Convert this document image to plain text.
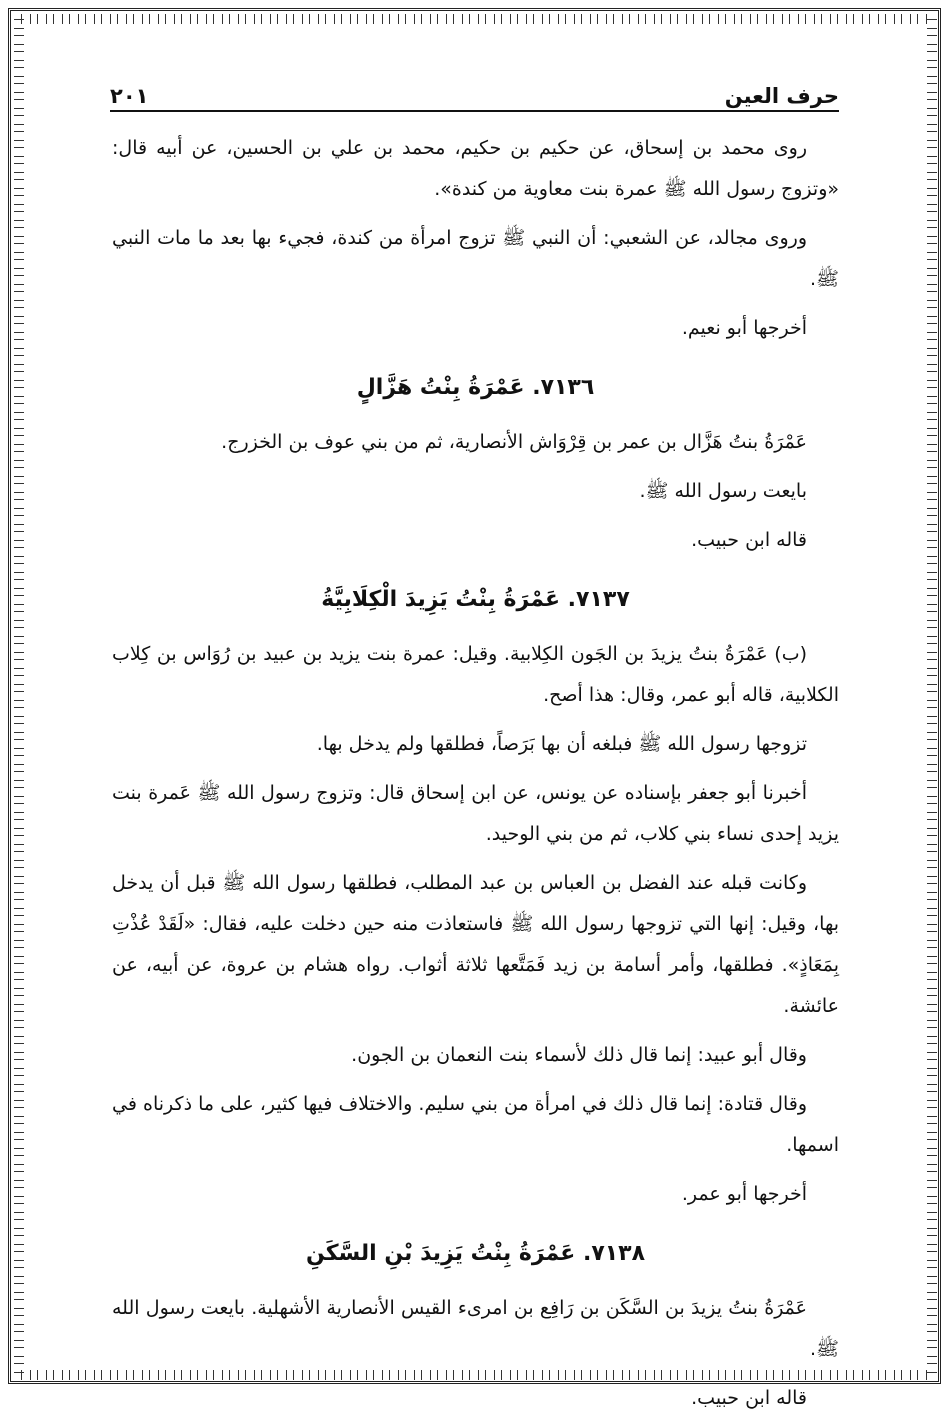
حرف العين
٢٠١

روى محمد بن إسحاق، عن حكيم بن حكيم، محمد بن علي بن الحسين، عن أبيه قال: «وتزوج رسول الله ﷺ عمرة بنت معاوية من كندة».

وروى مجالد، عن الشعبي: أن النبي ﷺ تزوج امرأة من كندة، فجيء بها بعد ما مات النبي ﷺ.

أخرجها أبو نعيم.

٧١٣٦. عَمْرَةُ بِنْتُ هَزَّالٍ

عَمْرَةُ بنتُ هَزَّال بن عمر بن قِرْوَاش الأنصارية، ثم من بني عوف بن الخزرج.

بايعت رسول الله ﷺ.

قاله ابن حبيب.

٧١٣٧. عَمْرَةُ بِنْتُ يَزِيدَ الْكِلَابِيَّةُ

(ب) عَمْرَةُ بنتُ يزيدَ بن الجَون الكِلابية. وقيل: عمرة بنت يزيد بن عبيد بن رُوَاس بن كِلاب الكلابية، قاله أبو عمر، وقال: هذا أصح.

تزوجها رسول الله ﷺ فبلغه أن بها بَرَصاً، فطلقها ولم يدخل بها.

أخبرنا أبو جعفر بإسناده عن يونس، عن ابن إسحاق قال: وتزوج رسول الله ﷺ عَمرة بنت يزيد إحدى نساء بني كلاب، ثم من بني الوحيد.

وكانت قبله عند الفضل بن العباس بن عبد المطلب، فطلقها رسول الله ﷺ قبل أن يدخل بها، وقيل: إنها التي تزوجها رسول الله ﷺ فاستعاذت منه حين دخلت عليه، فقال: «لَقَدْ عُذْتِ بِمَعَاذٍ». فطلقها، وأمر أسامة بن زيد فَمَتَّعها ثلاثة أثواب. رواه هشام بن عروة، عن أبيه، عن عائشة.

وقال أبو عبيد: إنما قال ذلك لأسماء بنت النعمان بن الجون.

وقال قتادة: إنما قال ذلك في امرأة من بني سليم. والاختلاف فيها كثير، على ما ذكرناه في اسمها.

أخرجها أبو عمر.

٧١٣٨. عَمْرَةُ بِنْتُ يَزِيدَ بْنِ السَّكَنِ

عَمْرَةُ بنتُ يزيدَ بن السَّكَن بن رَافِع بن امرىء القيس الأنصارية الأشهلية. بايعت رسول الله ﷺ.

قاله ابن حبيب.
